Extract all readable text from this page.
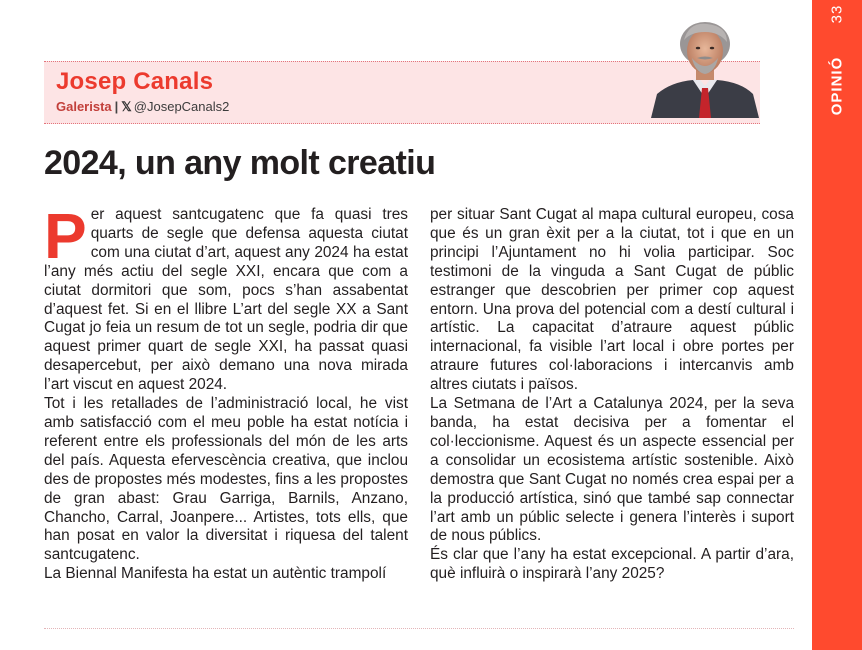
OPINIÓ
33
Josep Canals
Galerista | 𝕏 @JosepCanals2
2024, un any molt creatiu
P er aquest santcugatenc que fa quasi tres quarts de segle que defensa aquesta ciutat com una ciutat d’art, aquest any 2024 ha estat l’any més actiu del segle XXI, encara que com a ciutat dormitori que som, pocs s’han assabentat d’aquest fet. Si en el llibre L’art del segle XX a Sant Cugat jo feia un resum de tot un segle, podria dir que aquest primer quart de segle XXI, ha passat quasi desapercebut, per això demano una nova mirada l’art viscut en aquest 2024.

Tot i les retallades de l’administració local, he vist amb satisfacció com el meu poble ha estat notícia i referent entre els professionals del món de les arts del país. Aquesta efervescència creativa, que inclou des de propostes més modestes, fins a les propostes de gran abast: Grau Garriga, Barnils, Anzano, Chancho, Carral, Joanpere... Artistes, tots ells, que han posat en valor la diversitat i riquesa del talent santcugatenc.

La Biennal Manifesta ha estat un autèntic trampolí

per situar Sant Cugat al mapa cultural europeu, cosa que és un gran èxit per a la ciutat, tot i que en un principi l’Ajuntament no hi volia participar. Soc testimoni de la vinguda a Sant Cugat de públic estranger que descobrien per primer cop aquest entorn. Una prova del potencial com a destí cultural i artístic. La capacitat d’atraure aquest públic internacional, fa visible l’art local i obre portes per atraure futures col·laboracions i intercanvis amb altres ciutats i països.

La Setmana de l’Art a Catalunya 2024, per la seva banda, ha estat decisiva per a fomentar el col·leccionisme. Aquest és un aspecte essencial per a consolidar un ecosistema artístic sostenible. Això demostra que Sant Cugat no només crea espai per a la producció artística, sinó que també sap connectar l’art amb un públic selecte i genera l’interès i suport de nous públics.

És clar que l’any ha estat excepcional. A partir d’ara, què influirà o inspirarà l’any 2025?
